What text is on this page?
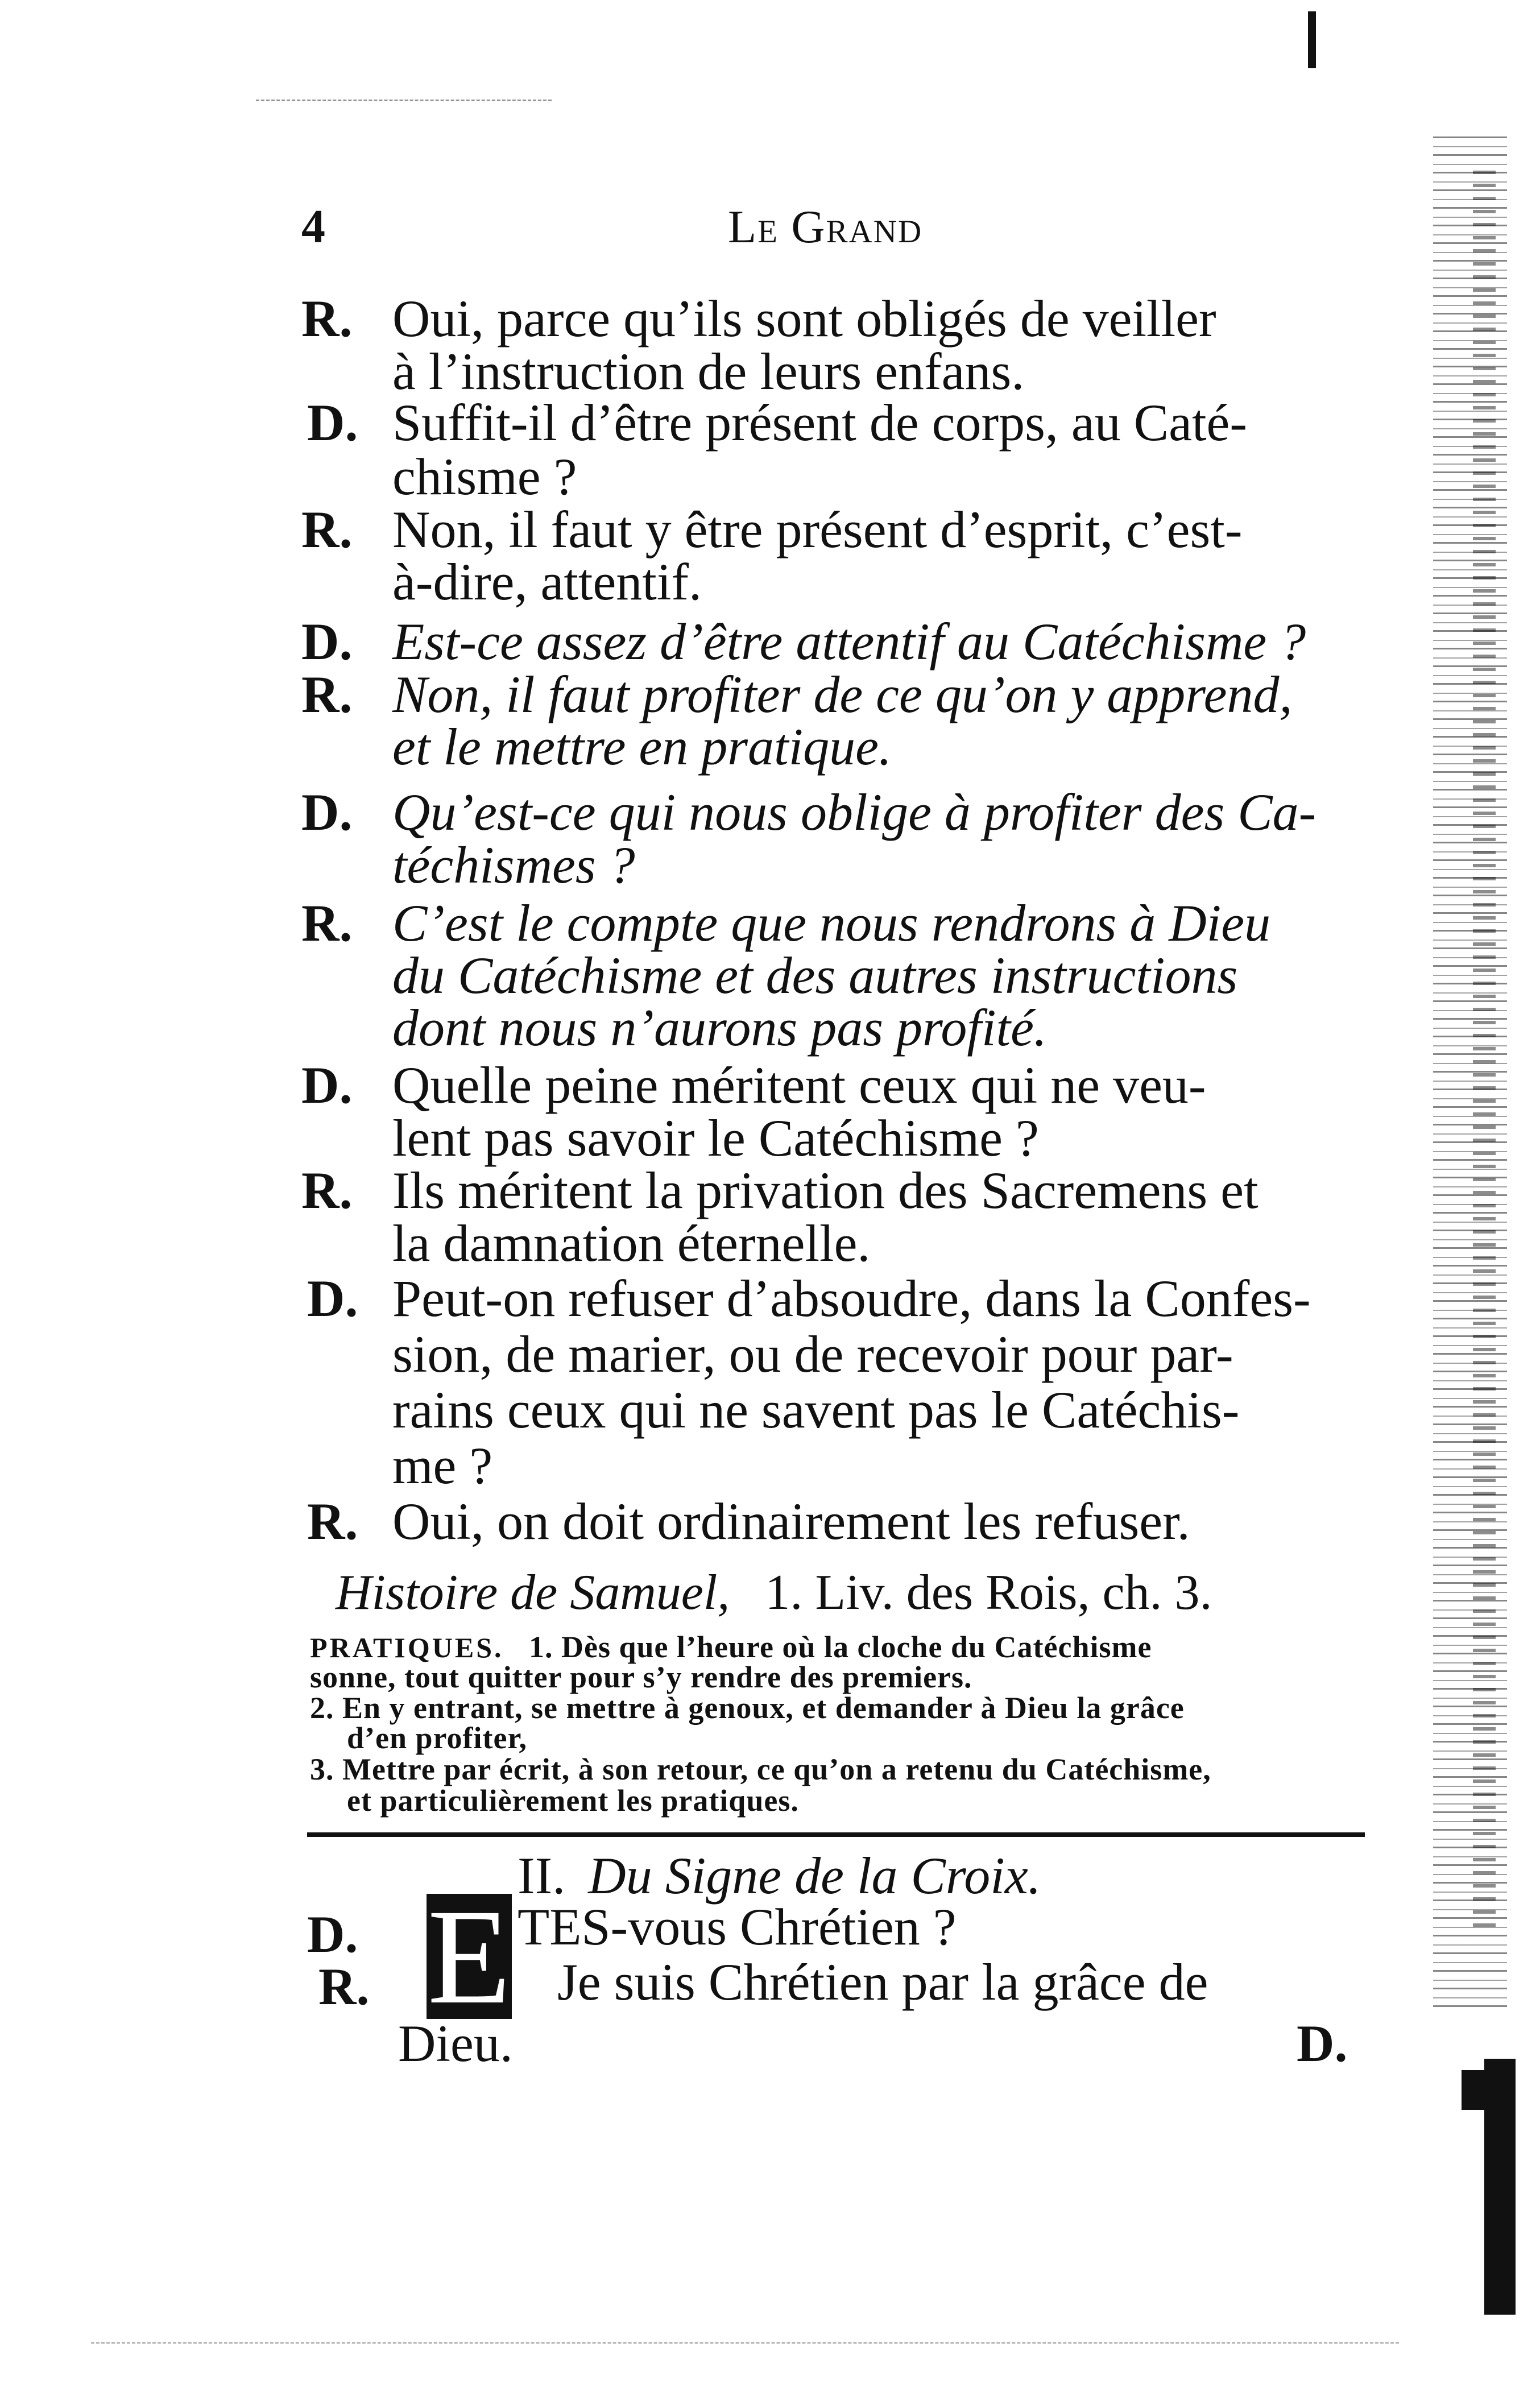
4	Le Grand
R. Oui, parce qu’ils sont obligés de veiller
à l’instruction de leurs enfans.
D. Suffit-il d’être présent de corps, au Caté-
chisme ?
R. Non, il faut y être présent d’esprit, c’est-
à-dire, attentif.
D. Est-ce assez d’être attentif au Catéchisme ?
R. Non, il faut profiter de ce qu’on y apprend,
et le mettre en pratique.
D. Qu’est-ce qui nous oblige à profiter des Ca-
téchismes ?
R. C’est le compte que nous rendrons à Dieu
du Catéchisme et des autres instructions
dont nous n’aurons pas profité.
D. Quelle peine méritent ceux qui ne veu-
lent pas savoir le Catéchisme ?
R. Ils méritent la privation des Sacremens et
la damnation éternelle.
D. Peut-on refuser d’absoudre, dans la Confes-
sion, de marier, ou de recevoir pour par-
rains ceux qui ne savent pas le Catéchis-
me ?
R. Oui, on doit ordinairement les refuser.
Histoire de Samuel, 1. Liv. des Rois, ch. 3.
PRATIQUES. 1. Dès que l’heure où la cloche du Catéchisme
sonne, tout quitter pour s’y rendre des premiers.
2. En y entrant, se mettre à genoux, et demander à Dieu la grâce
d’en profiter,
3. Mettre par écrit, à son retour, ce qu’on a retenu du Catéchisme,
et particulièrement les pratiques.
II. Du Signe de la Croix.
D. E TES-vous Chrétien ?
R.	Je suis Chrétien par la grâce de
Dieu.	D.
